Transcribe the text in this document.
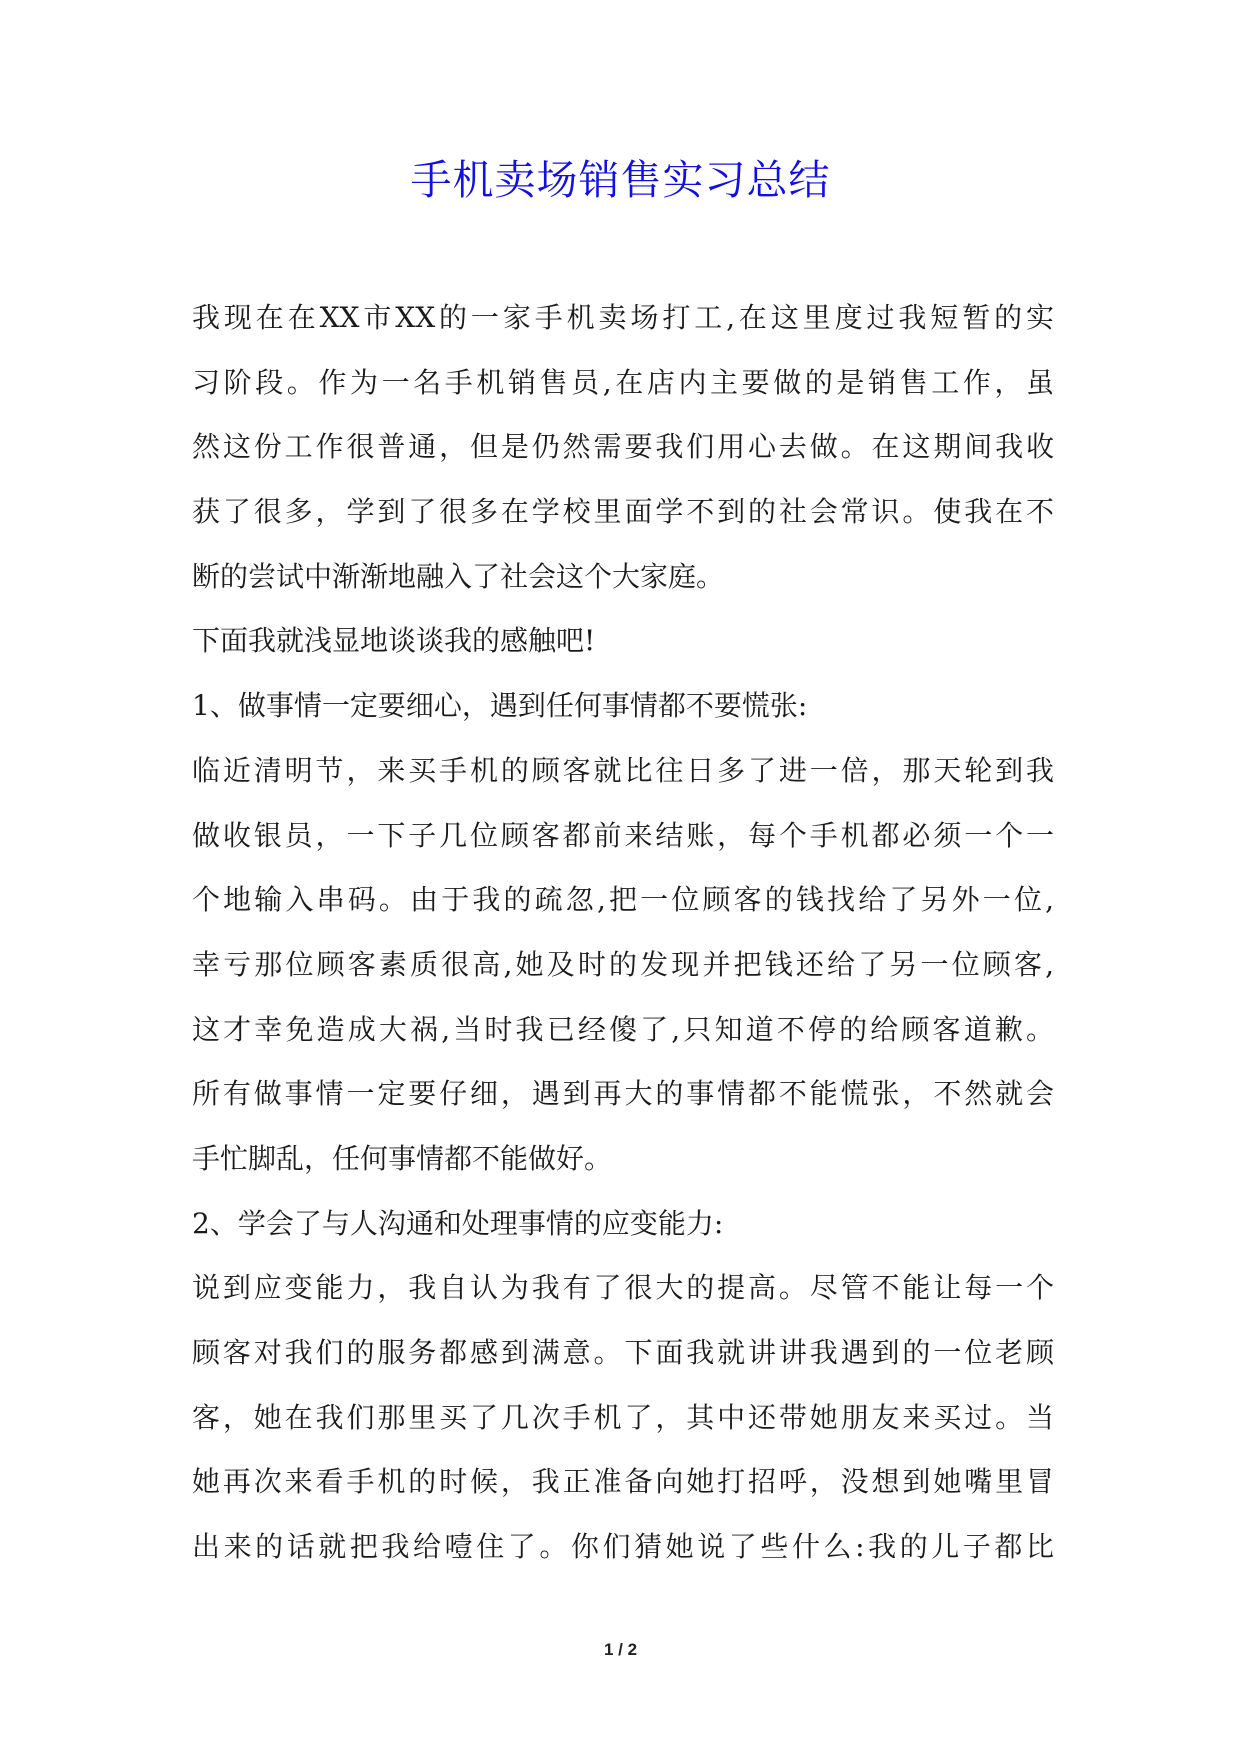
手机卖场销售实习总结
我现在在XX市XX的一家手机卖场打工,在这里度过我短暂的实
习阶段。作为一名手机销售员,在店内主要做的是销售工作，虽
然这份工作很普通，但是仍然需要我们用心去做。在这期间我收
获了很多，学到了很多在学校里面学不到的社会常识。使我在不
断的尝试中渐渐地融入了社会这个大家庭。
下面我就浅显地谈谈我的感触吧!
1、做事情一定要细心，遇到任何事情都不要慌张:
临近清明节，来买手机的顾客就比往日多了进一倍，那天轮到我
做收银员，一下子几位顾客都前来结账，每个手机都必须一个一
个地输入串码。由于我的疏忽,把一位顾客的钱找给了另外一位,
幸亏那位顾客素质很高,她及时的发现并把钱还给了另一位顾客,
这才幸免造成大祸,当时我已经傻了,只知道不停的给顾客道歉。
所有做事情一定要仔细，遇到再大的事情都不能慌张，不然就会
手忙脚乱，任何事情都不能做好。
2、学会了与人沟通和处理事情的应变能力:
说到应变能力，我自认为我有了很大的提高。尽管不能让每一个
顾客对我们的服务都感到满意。下面我就讲讲我遇到的一位老顾
客，她在我们那里买了几次手机了，其中还带她朋友来买过。当
她再次来看手机的时候，我正准备向她打招呼，没想到她嘴里冒
出来的话就把我给噎住了。你们猜她说了些什么:我的儿子都比
1 / 2
